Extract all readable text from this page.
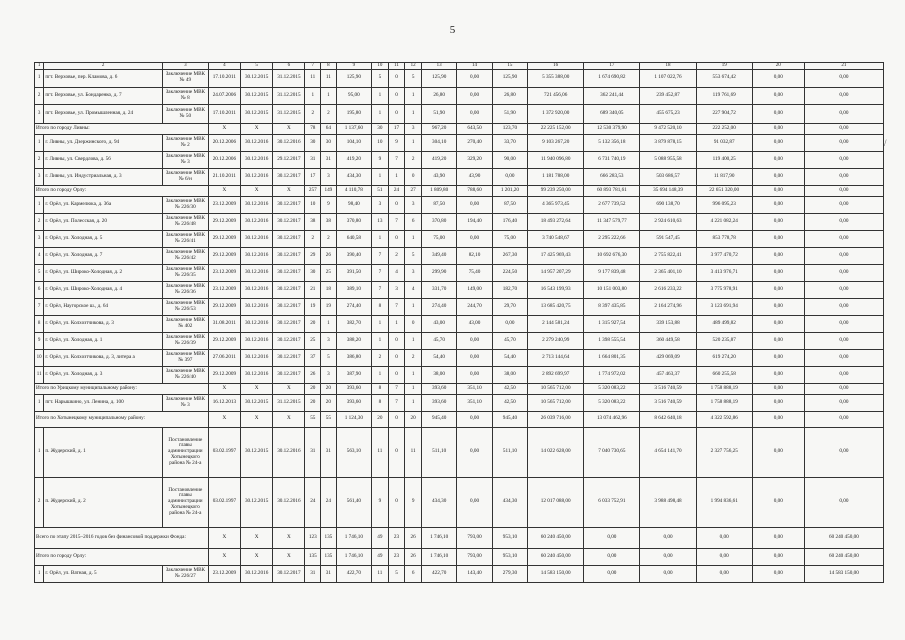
5
·
/
1	2	3	4	5	6	7	8	9	10	11	12	13	14	15	16	17	18	19	20	21
1	пгт. Верховье, пер. Кламова, д. 6	Заключение МВК № 49	17.10.2011	30.12.2015	31.12.2015	11	11	125,90	5	0	5	125,90	0,00	125,90	5 355 388,00	1 674 690,82	1 107 022,76	553 674,42	0,00	0,00
2	пгт. Верховье, ул. Бондаренко, д. 7	Заключение МВК № 8	24.07.2006	30.12.2015	31.12.2015	1	1	95,00	1	0	1	26,80	0,00	26,80	721 456,06	362 241,44	239 452,87	119 761,69	0,00	0,00
3	пгт. Верховье, ул. Промышленная, д. 24	Заключение МВК № 50	17.10.2011	30.12.2015	31.12.2015	2	2	195,80	1	0	1	51,90	0,00	51,90	1 372 920,00	689 340,05	455 675,23	227 904,72	0,00	0,00
Итого по городу Ливны:			X	X	X	78	64	1 137,60	30	17	3	967,20	643,50	123,70	22 225 152,00	12 530 379,90	9 472 520,10	222 252,00	0,00	0,00
1	г. Ливны, ул. Дзержинского, д. 94	Заключение МВК № 2	20.12.2006	30.12.2016	30.12.2016	30	30	104,10	10	9	1	304,10	270,40	33,70	9 103 267,20	5 132 356,18	3 879 878,15	91 032,87	0,00	0,00
2	г. Ливны, ул. Свердлова, д. 56	Заключение МВК № 3	20.12.2006	30.12.2016	29.12.2017	31	31	419,20	9	7	2	419,20	329,20	90,00	11 940 096,80	6 731 740,19	5 088 955,58	119 400,25	0,00	0,00
3	г. Ливны, ул. Индустриальная, д. 3	Заключение МВК № 6/н	21.10.2011	30.12.2016	30.12.2017	17	3	434,30	1	1	0	43,90	43,90	0,00	1 181 788,00	666 283,53	503 686,57	11 817,90	0,00	0,00
Итого по городу Орлу:			X	X	X	257	149	4 110,78	51	24	27	1 809,80	788,60	1 201,20	99 239 250,00	60 893 781,61	35 694 148,39	22 651 320,00	0,00	0,00
1	г. Орёл, ул. Кармелюка, д. 36а	Заключение МВК № 226/30	23.12.2009	30.12.2016	30.12.2017	10	9	98,40	3	0	3	87,50	0,00	87,50	4 365 973,45	2 677 739,52	690 138,70	996 095,23	0,00	0,00
2	г. Орёл, ул. Полесская, д. 20	Заключение МВК № 226/48	29.12.2009	30.12.2016	30.12.2017	38	38	370,80	13	7	6	370,80	194,40	176,40	18 493 272,64	11 347 579,77	2 924 610,63	4 221 082,24	0,00	0,00
3	г. Орёл, ул. Холодная, д. 5	Заключение МВК № 226/41	29.12.2009	30.12.2016	30.12.2017	2	2	640,58	1	0	1	75,00	0,00	75,00	3 740 548,67	2 295 222,66	591 547,45	853 778,78	0,00	0,00
4	г. Орёл, ул. Холодная, д. 7	Заключение МВК № 226/42	29.12.2009	30.12.2016	30.12.2017	29	26	390,40	7	2	5	349,40	82,10	267,30	17 425 969,43	10 692 676,30	2 755 822,41	3 977 470,72	0,00	0,00
5	г. Орёл, ул. Широко-Холодная, д. 2	Заключение МВК № 226/35	23.12.2009	30.12.2016	30.12.2017	30	25	391,50	7	4	3	299,90	75,40	224,50	14 957 207,29	9 177 839,48	2 365 401,10	3 413 976,71	0,00	0,00
6	г. Орёл, ул. Широко-Холодная, д. 4	Заключение МВК № 226/36	23.12.2009	30.12.2016	30.12.2017	21	18	389,10	7	3	4	331,70	149,00	182,70	16 543 199,93	10 151 003,80	2 616 233,22	3 775 978,91	0,00	0,00
7	г. Орёл, Наугорское ш., д. 64	Заключение МВК № 226/53	29.12.2009	30.12.2016	30.12.2017	19	19	274,40	8	7	1	274,40	244,70	29,70	13 685 420,75	8 397 435,85	2 164 274,96	3 123 691,94	0,00	0,00
8	г. Орёл, ул. Колхозтчикова, д. 3	Заключение МВК № 402	31.08.2011	30.12.2016	30.12.2017	20	1	382,70	1	1	0	43,00	43,00	0,00	2 144 581,24	1 315 927,54	339 153,88	489 499,82	0,00	0,00
9	г. Орёл, ул. Холодная, д. 1	Заключение МВК № 226/39	29.12.2009	30.12.2016	30.12.2017	25	3	388,20	1	0	1	45,70	0,00	45,70	2 279 240,99	1 398 555,54	360 449,58	520 235,87	0,00	0,00
10	г. Орёл, ул. Колхозтчикова, д. 3, литера а	Заключение МВК № 397	27.06.2011	30.12.2016	30.12.2017	37	5	386,80	2	0	2	54,40	0,00	54,40	2 713 144,64	1 664 801,35	429 069,09	619 274,20	0,00	0,00
11	г. Орёл, ул. Холодная, д. 3	Заключение МВК № 226/40	29.12.2009	30.12.2016	30.12.2017	26	3	387,90	1	0	1	38,00	0,00	38,00	2 892 699,97	1 774 972,02	457 463,37	660 255,58	0,00	0,00
Итого по Урицкому муниципальному району:			X	X	X	20	20	393,60	8	7	1	393,60	351,10	42,50	10 565 712,00	5 320 083,22	3 516 740,59	1 758 888,19	0,00	0,00
1	пгт. Нарышкино, ул. Ленина, д. 100	Заключение МВК № 3	16.12.2013	30.12.2015	31.12.2015	20	20	393,60	8	7	1	393,60	351,10	42,50	10 565 712,00	5 320 083,22	3 516 740,59	1 758 888,19	0,00	0,00
Итого по Хотынецкому муниципальному району:			X	X	X	55	55	1 124,30	20	0	20	945,40	0,00	945,40	26 039 716,00	13 074 462,96	8 642 640,18	4 322 592,86	0,00	0,00
1	п. Жудерский, д. 1	Постановление главы администрации Хотынецкого района № 24-а	03.02.1997	30.12.2015	30.12.2016	31	31	563,10	11	0	11	511,10	0,00	511,10	14 022 628,00	7 040 730,65	4 654 141,70	2 327 756,25	0,00	0,00
2	п. Жудерский, д. 2	Постановление главы администрации Хотынецкого района № 24-а	03.02.1997	30.12.2015	30.12.2016	24	24	561,40	9	0	9	434,30	0,00	434,30	12 017 088,00	6 033 752,91	3 988 498,48	1 994 836,61	0,00	0,00
Всего по этапу 2015–2016 годов без финансовой поддержки Фонда:			X	X	X	123	135	1 746,10	49	23	26	1 746,10	793,00	953,10	60 240 450,00	0,00	0,00	0,00	0,00	60 240 450,00
Итого по городу Орлу:			X	X	X	135	135	1 746,10	49	23	26	1 746,10	793,00	953,10	60 240 450,00	0,00	0,00	0,00	0,00	60 240 450,00
1	г. Орёл, ул. Ватная, д. 5	Заключение МВК № 226/27	23.12.2009	30.12.2016	30.12.2017	31	31	422,70	11	5	6	422,70	143,40	279,30	14 583 150,00	0,00	0,00	0,00	0,00	14 583 150,00
